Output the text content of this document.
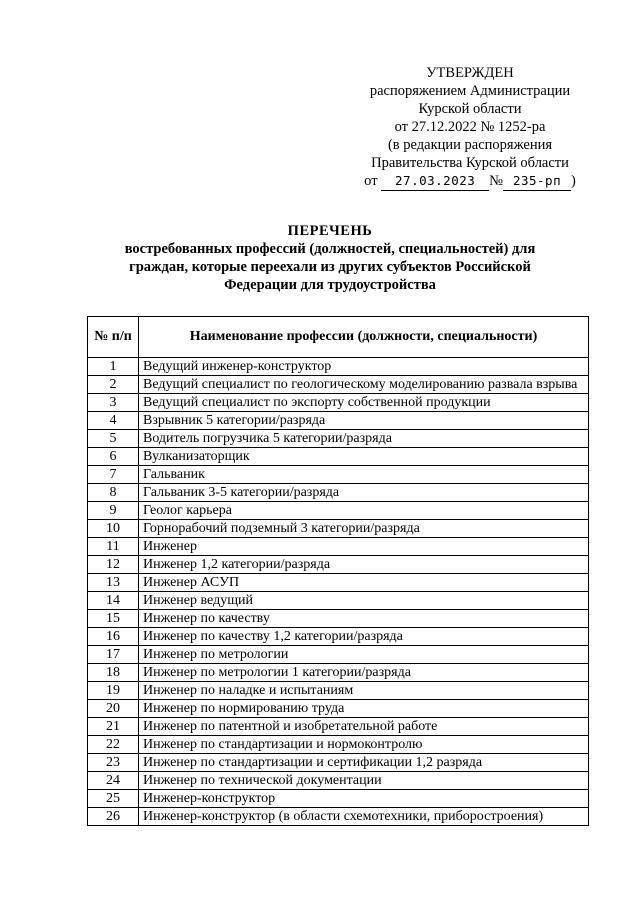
УТВЕРЖДЕН
распоряжением Администрации
Курской области
от 27.12.2022 № 1252-ра
(в редакции распоряжения
Правительства Курской области
от 27.03.2023 № 235-рп )
ПЕРЕЧЕНЬ
востребованных профессий (должностей, специальностей) для
граждан, которые переехали из других субъектов Российской
Федерации для трудоустройства
№ п/п	Наименование профессии (должности, специальности)
1	Ведущий инженер-конструктор
2	Ведущий специалист по геологическому моделированию развала взрыва
3	Ведущий специалист по экспорту собственной продукции
4	Взрывник 5 категории/разряда
5	Водитель погрузчика 5 категории/разряда
6	Вулканизаторщик
7	Гальваник
8	Гальваник 3-5 категории/разряда
9	Геолог карьера
10	Горнорабочий подземный 3 категории/разряда
11	Инженер
12	Инженер 1,2 категории/разряда
13	Инженер АСУП
14	Инженер ведущий
15	Инженер по качеству
16	Инженер по качеству 1,2 категории/разряда
17	Инженер по метрологии
18	Инженер по метрологии 1 категории/разряда
19	Инженер по наладке и испытаниям
20	Инженер по нормированию труда
21	Инженер по патентной и изобретательной работе
22	Инженер по стандартизации и нормоконтролю
23	Инженер по стандартизации и сертификации 1,2 разряда
24	Инженер по технической документации
25	Инженер-конструктор
26	Инженер-конструктор (в области схемотехники, приборостроения)
